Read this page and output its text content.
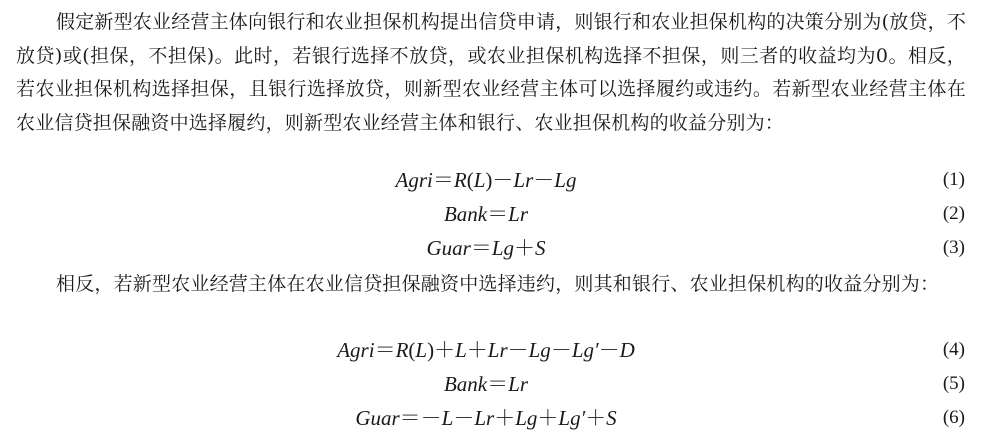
假定新型农业经营主体向银行和农业担保机构提出信贷申请，则银行和农业担保机构的决策分别为(放贷，不放贷)或(担保，不担保)。此时，若银行选择不放贷，或农业担保机构选择不担保，则三者的收益均为0。相反，若农业担保机构选择担保，且银行选择放贷，则新型农业经营主体可以选择履约或违约。若新型农业经营主体在农业信贷担保融资中选择履约，则新型农业经营主体和银行、农业担保机构的收益分别为：

Agri＝R(L)－Lr－Lg	(1)
Bank＝Lr	(2)
Guar＝Lg＋S	(3)

相反，若新型农业经营主体在农业信贷担保融资中选择违约，则其和银行、农业担保机构的收益分别为：

Agri＝R(L)＋L＋Lr－Lg－Lg′－D	(4)
Bank＝Lr	(5)
Guar＝－L－Lr＋Lg＋Lg′＋S	(6)
